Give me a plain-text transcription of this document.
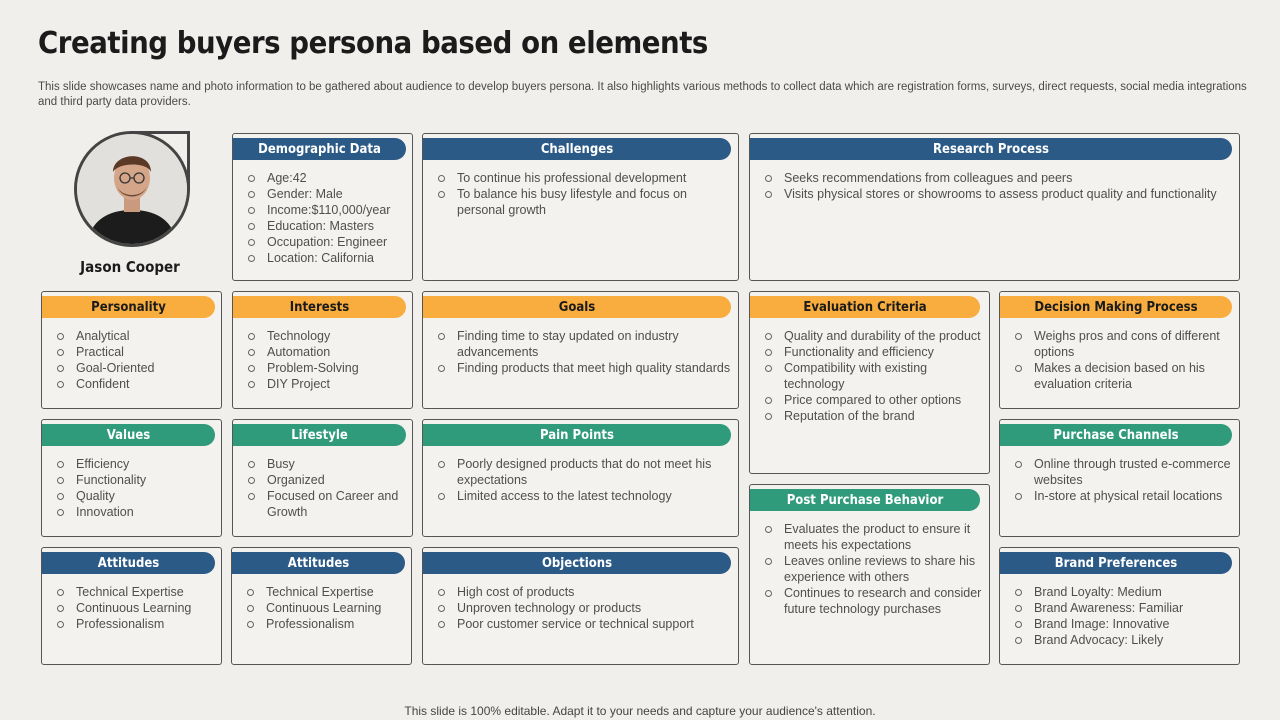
Creating buyers persona based on elements
This slide showcases name and photo information to be gathered about audience to develop buyers persona. It also highlights various methods to collect data which are registration forms, surveys, direct requests, social media integrations and third party data providers.
Jason Cooper
Demographic Data
Age:42
Gender: Male
Income:$110,000/year
Education: Masters
Occupation: Engineer
Location: California
Challenges
To continue his professional development
To balance his busy lifestyle and focus on personal growth
Research Process
Seeks recommendations from colleagues and peers
Visits physical stores or showrooms to assess product quality and functionality
Personality
Analytical
Practical
Goal-Oriented
Confident
Interests
Technology
Automation
Problem-Solving
DIY Project
Goals
Finding time to stay updated on industry advancements
Finding products that meet high quality standards
Evaluation Criteria
Quality and durability of the product
Functionality and efficiency
Compatibility with existing technology
Price compared to other options
Reputation of the brand
Decision Making Process
Weighs pros and cons of different options
Makes a decision based on his evaluation criteria
Values
Efficiency
Functionality
Quality
Innovation
Lifestyle
Busy
Organized
Focused on Career and Growth
Pain Points
Poorly designed products that do not meet his expectations
Limited access to the latest technology
Purchase Channels
Online through trusted e-commerce websites
In-store at physical retail locations
Post Purchase Behavior
Evaluates the product to ensure it meets his expectations
Leaves online reviews to share his experience with others
Continues to research and consider future technology purchases
Attitudes
Technical Expertise
Continuous Learning
Professionalism
Attitudes
Technical Expertise
Continuous Learning
Professionalism
Objections
High cost of products
Unproven technology or products
Poor customer service or technical support
Brand Preferences
Brand Loyalty: Medium
Brand Awareness: Familiar
Brand Image: Innovative
Brand Advocacy: Likely
This slide is 100% editable. Adapt it to your needs and capture your audience's attention.
